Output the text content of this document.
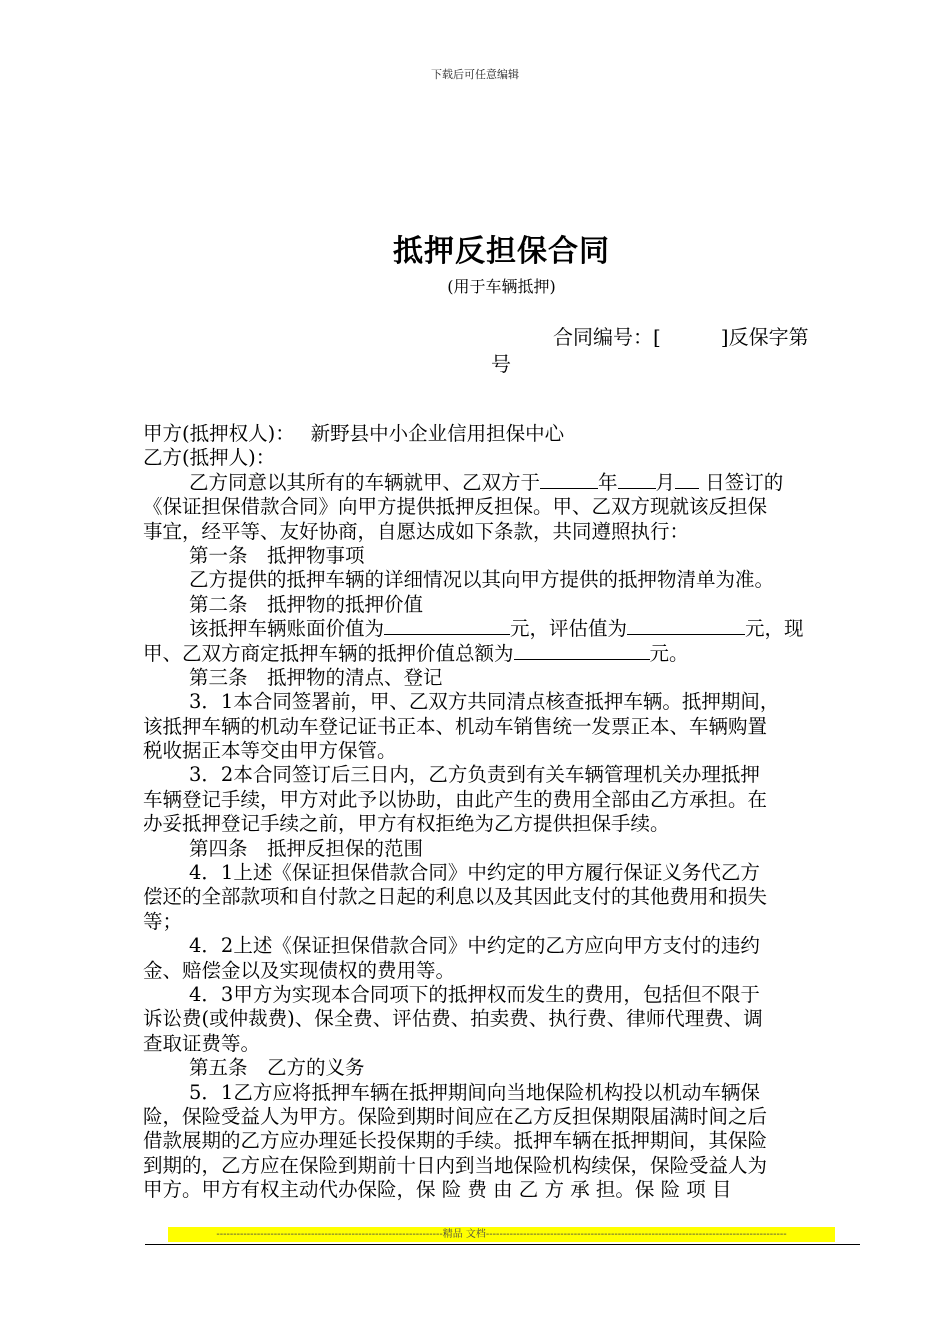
下载后可任意编辑
抵押反担保合同
(用于车辆抵押)
合同编号：[　　　]反保字第
号
甲方(抵押权人)：　 新野县中小企业信用担保中心
乙方(抵押人)：
乙方同意以其所有的车辆就甲、乙双方于	年 月 日签订的
《保证担保借款合同》向甲方提供抵押反担保。甲、乙双方现就该反担保
事宜，经平等、友好协商，自愿达成如下条款，共同遵照执行：
第一条　抵押物事项
乙方提供的抵押车辆的详细情况以其向甲方提供的抵押物清单为准。
第二条　抵押物的抵押价值
该抵押车辆账面价值为	元，评估值为	元，现
甲、乙双方商定抵押车辆的抵押价值总额为	元。
第三条　抵押物的清点、登记
3．1本合同签署前，甲、乙双方共同清点核查抵押车辆。抵押期间，
该抵押车辆的机动车登记证书正本、机动车销售统一发票正本、车辆购置
税收据正本等交由甲方保管。
3．2本合同签订后三日内，乙方负责到有关车辆管理机关办理抵押
车辆登记手续，甲方对此予以协助，由此产生的费用全部由乙方承担。在
办妥抵押登记手续之前，甲方有权拒绝为乙方提供担保手续。
第四条　抵押反担保的范围
4．1上述《保证担保借款合同》中约定的甲方履行保证义务代乙方
偿还的全部款项和自付款之日起的利息以及其因此支付的其他费用和损失
等；
4．2上述《保证担保借款合同》中约定的乙方应向甲方支付的违约
金、赔偿金以及实现债权的费用等。
4．3甲方为实现本合同项下的抵押权而发生的费用，包括但不限于
诉讼费(或仲裁费)、保全费、评估费、拍卖费、执行费、律师代理费、调
查取证费等。
第五条　乙方的义务
5．1乙方应将抵押车辆在抵押期间向当地保险机构投以机动车辆保
险，保险受益人为甲方。保险到期时间应在乙方反担保期限届满时间之后
借款展期的乙方应办理延长投保期的手续。抵押车辆在抵押期间，其保险
到期的，乙方应在保险到期前十日内到当地保险机构续保，保险受益人为
甲方。甲方有权主动代办保险，保 险 费 由 乙 方 承 担。保 险 项 目
-------------------------------------------------------------------精品 文档-----------------------------------------------------------------------------------------
